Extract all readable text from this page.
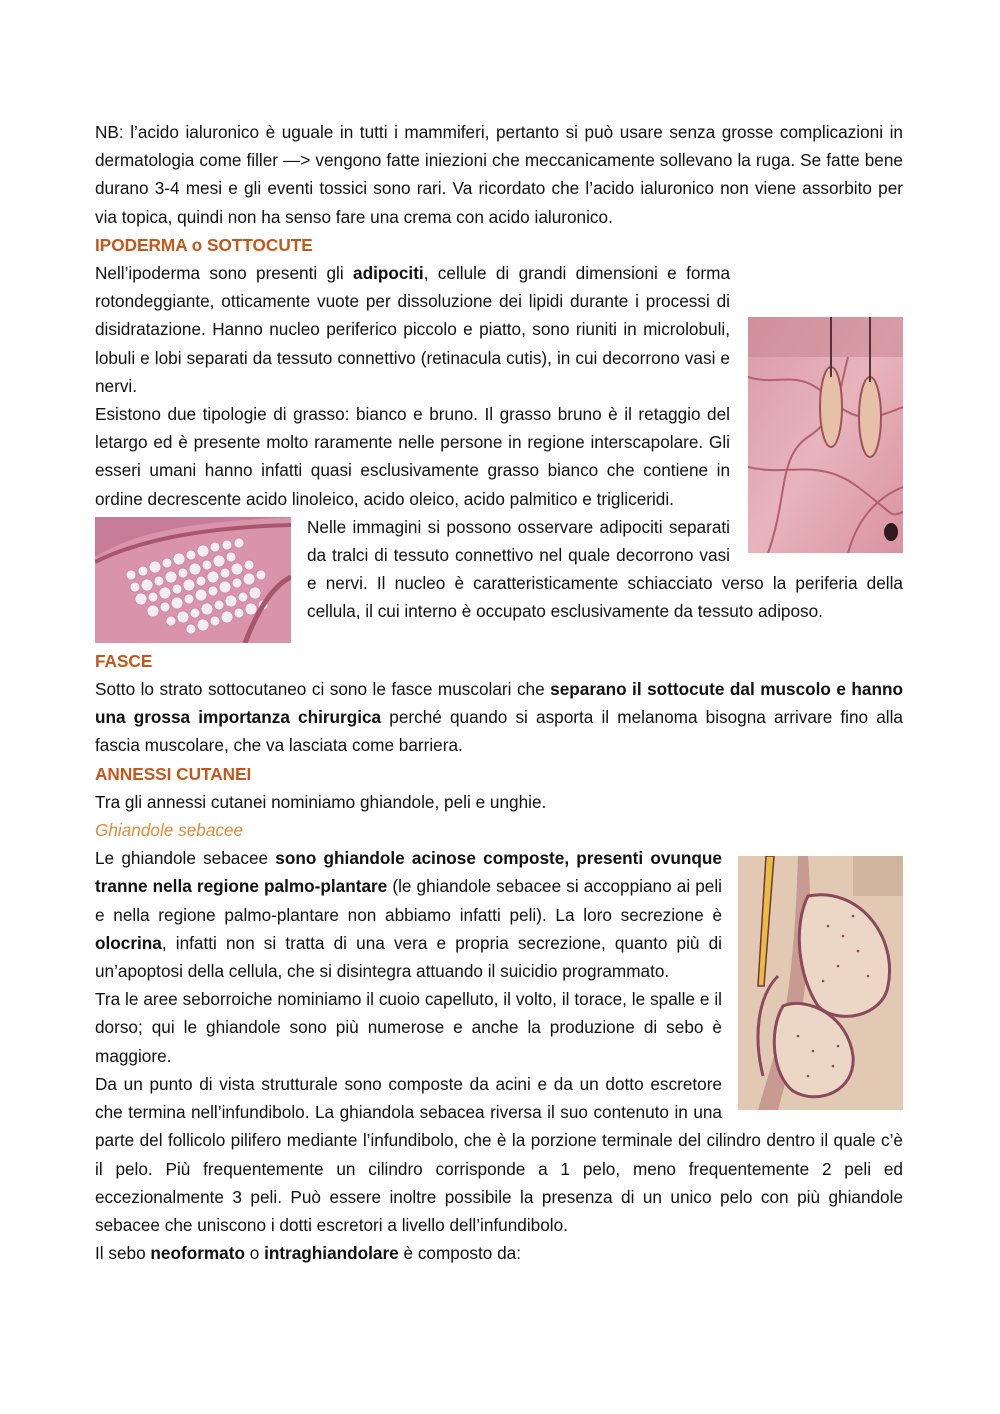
NB: l’acido ialuronico è uguale in tutti i mammiferi, pertanto si può usare senza grosse complicazioni in dermatologia come filler —> vengono fatte iniezioni che meccanicamente sollevano la ruga. Se fatte bene durano 3-4 mesi e gli eventi tossici sono rari. Va ricordato che l’acido ialuronico non viene assorbito per via topica, quindi non ha senso fare una crema con acido ialuronico.

IPODERMA o SOTTOCUTE

Nell’ipoderma sono presenti gli adipociti, cellule di grandi dimensioni e forma rotondeggiante, otticamente vuote per dissoluzione dei lipidi durante i processi di disidratazione. Hanno nucleo periferico piccolo e piatto, sono riuniti in microlobuli, lobuli e lobi separati da tessuto connettivo (retinacula cutis), in cui decorrono vasi e nervi.

Esistono due tipologie di grasso: bianco e bruno. Il grasso bruno è il retaggio del letargo ed è presente molto raramente nelle persone in regione interscapolare. Gli esseri umani hanno infatti quasi esclusivamente grasso bianco che contiene in ordine decrescente acido linoleico, acido oleico, acido palmitico e trigliceridi.

Nelle immagini si possono osservare adipociti separati da tralci di tessuto connettivo nel quale decorrono vasi e nervi. Il nucleo è caratteristicamente schiacciato verso la periferia della cellula, il cui interno è occupato esclusivamente da tessuto adiposo.

FASCE

Sotto lo strato sottocutaneo ci sono le fasce muscolari che separano il sottocute dal muscolo e hanno una grossa importanza chirurgica perché quando si asporta il melanoma bisogna arrivare fino alla fascia muscolare, che va lasciata come barriera.

ANNESSI CUTANEI

Tra gli annessi cutanei nominiamo ghiandole, peli e unghie.

Ghiandole sebacee

Le ghiandole sebacee sono ghiandole acinose composte, presenti ovunque tranne nella regione palmo-plantare (le ghiandole sebacee si accoppiano ai peli e nella regione palmo-plantare non abbiamo infatti peli). La loro secrezione è olocrina, infatti non si tratta di una vera e propria secrezione, quanto più di un’apoptosi della cellula, che si disintegra attuando il suicidio programmato.

Tra le aree seborroiche nominiamo il cuoio capelluto, il volto, il torace, le spalle e il dorso; qui le ghiandole sono più numerose e anche la produzione di sebo è maggiore.

Da un punto di vista strutturale sono composte da acini e da un dotto escretore che termina nell’infundibolo. La ghiandola sebacea riversa il suo contenuto in una parte del follicolo pilifero mediante l’infundibolo, che è la porzione terminale del cilindro dentro il quale c’è il pelo. Più frequentemente un cilindro corrisponde a 1 pelo, meno frequentemente 2 peli ed eccezionalmente 3 peli. Può essere inoltre possibile la presenza di un unico pelo con più ghiandole sebacee che uniscono i dotti escretori a livello dell’infundibolo.

Il sebo neoformato o intraghiandolare è composto da:
